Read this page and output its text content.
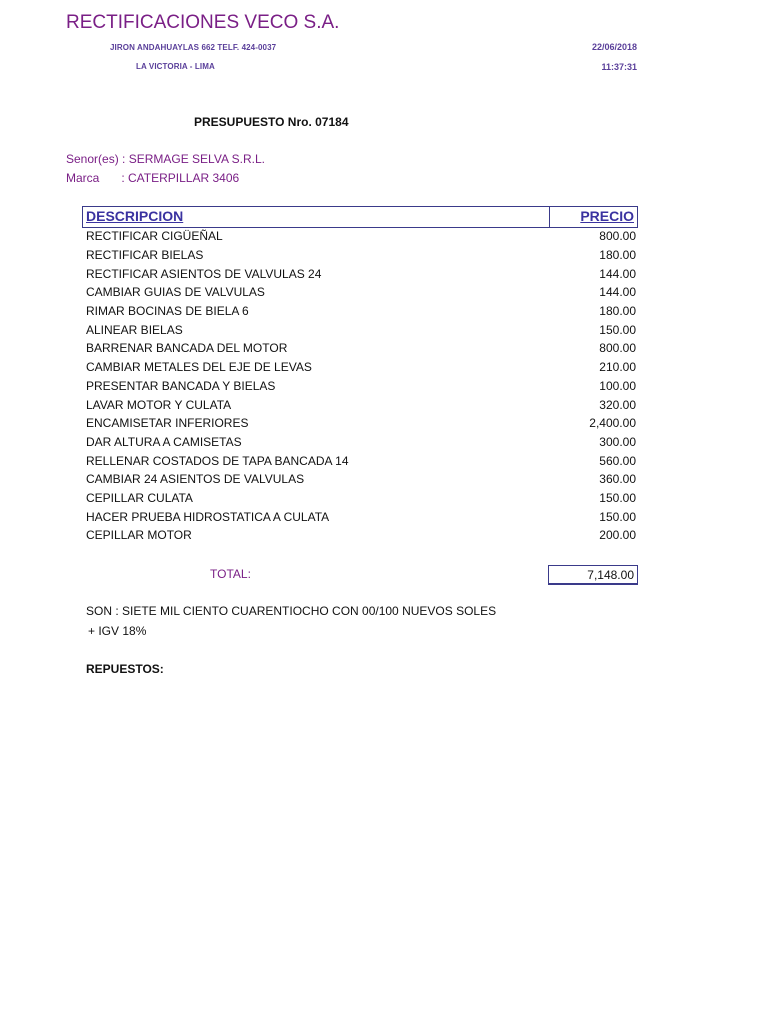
RECTIFICACIONES VECO S.A.
JIRON ANDAHUAYLAS 662 TELF. 424-0037
LA VICTORIA - LIMA
22/06/2018
11:37:31
PRESUPUESTO Nro. 07184
Senor(es) : SERMAGE SELVA S.R.L.
Marca : CATERPILLAR 3406
DESCRIPCION	PRECIO
RECTIFICAR CIGÜEÑAL	800.00
RECTIFICAR BIELAS	180.00
RECTIFICAR ASIENTOS DE VALVULAS 24	144.00
CAMBIAR GUIAS DE VALVULAS	144.00
RIMAR BOCINAS DE BIELA 6	180.00
ALINEAR BIELAS	150.00
BARRENAR BANCADA DEL MOTOR	800.00
CAMBIAR METALES DEL EJE DE LEVAS	210.00
PRESENTAR BANCADA Y BIELAS	100.00
LAVAR MOTOR Y CULATA	320.00
ENCAMISETAR INFERIORES	2,400.00
DAR ALTURA A CAMISETAS	300.00
RELLENAR COSTADOS DE TAPA BANCADA 14	560.00
CAMBIAR 24 ASIENTOS DE VALVULAS	360.00
CEPILLAR CULATA	150.00
HACER PRUEBA HIDROSTATICA A CULATA	150.00
CEPILLAR MOTOR	200.00
TOTAL:	7,148.00
SON : SIETE MIL CIENTO CUARENTIOCHO CON 00/100 NUEVOS SOLES
+ IGV 18%
REPUESTOS:
